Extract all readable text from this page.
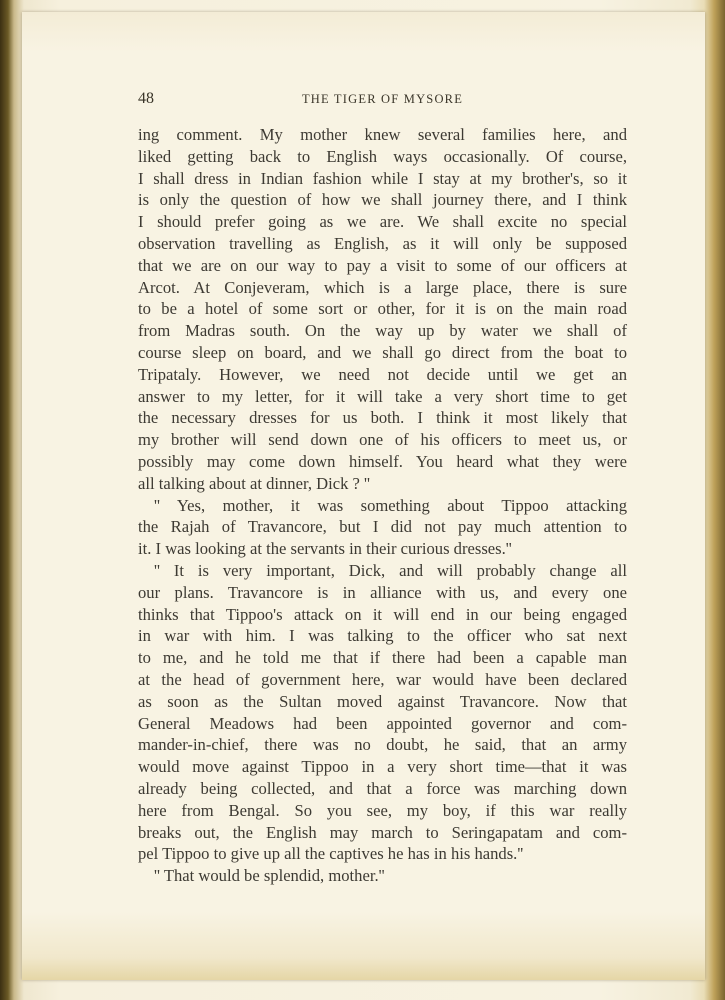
48	THE TIGER OF MYSORE
ing comment. My mother knew several families here, and
liked getting back to English ways occasionally. Of course,
I shall dress in Indian fashion while I stay at my brother's, so it
is only the question of how we shall journey there, and I think
I should prefer going as we are. We shall excite no special
observation travelling as English, as it will only be supposed
that we are on our way to pay a visit to some of our officers at
Arcot. At Conjeveram, which is a large place, there is sure
to be a hotel of some sort or other, for it is on the main road
from Madras south. On the way up by water we shall of
course sleep on board, and we shall go direct from the boat to
Tripataly. However, we need not decide until we get an
answer to my letter, for it will take a very short time to get
the necessary dresses for us both. I think it most likely that
my brother will send down one of his officers to meet us, or
possibly may come down himself. You heard what they were
all talking about at dinner, Dick ? ''
'' Yes, mother, it was something about Tippoo attacking
the Rajah of Travancore, but I did not pay much attention to
it. I was looking at the servants in their curious dresses.''
'' It is very important, Dick, and will probably change all
our plans. Travancore is in alliance with us, and every one
thinks that Tippoo's attack on it will end in our being engaged
in war with him. I was talking to the officer who sat next
to me, and he told me that if there had been a capable man
at the head of government here, war would have been declared
as soon as the Sultan moved against Travancore. Now that
General Meadows had been appointed governor and com-
mander-in-chief, there was no doubt, he said, that an army
would move against Tippoo in a very short time—that it was
already being collected, and that a force was marching down
here from Bengal. So you see, my boy, if this war really
breaks out, the English may march to Seringapatam and com-
pel Tippoo to give up all the captives he has in his hands.''
'' That would be splendid, mother.''
